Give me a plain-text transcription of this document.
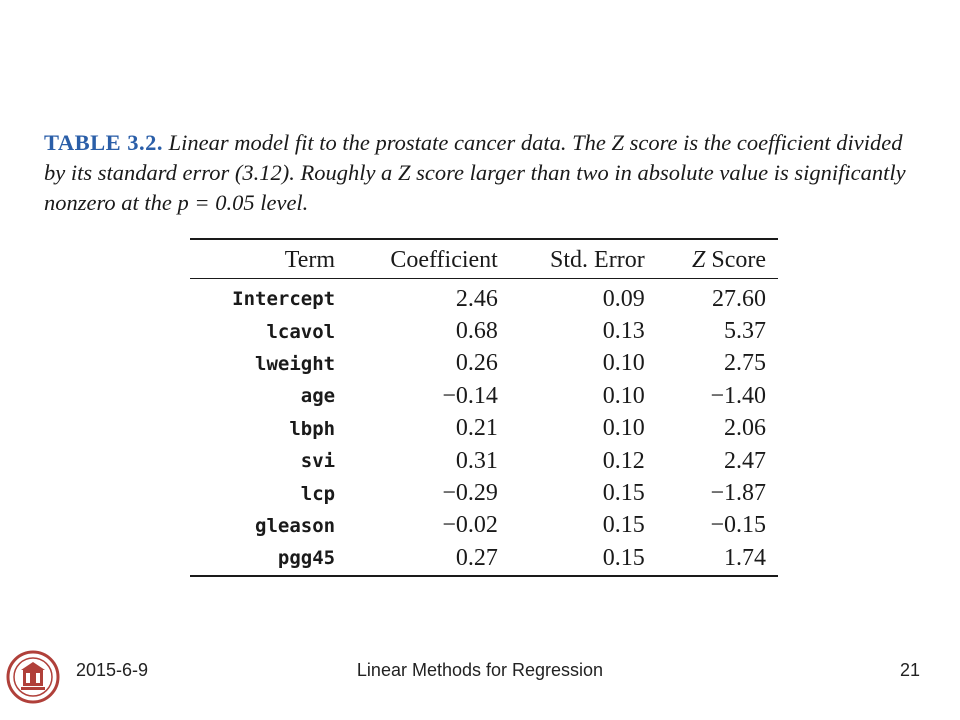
TABLE 3.2. Linear model fit to the prostate cancer data. The Z score is the coefficient divided by its standard error (3.12). Roughly a Z score larger than two in absolute value is significantly nonzero at the p = 0.05 level.

Term	Coefficient	Std. Error	Z Score
Intercept	2.46	0.09	27.60
lcavol	0.68	0.13	5.37
lweight	0.26	0.10	2.75
age	−0.14	0.10	−1.40
lbph	0.21	0.10	2.06
svi	0.31	0.12	2.47
lcp	−0.29	0.15	−1.87
gleason	−0.02	0.15	−0.15
pgg45	0.27	0.15	1.74
2015-6-9	Linear Methods for Regression	21
